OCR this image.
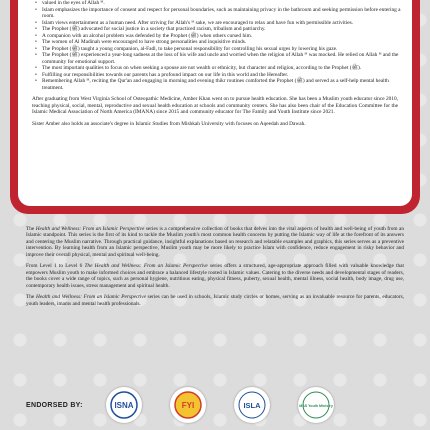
• valued in the eyes of Allah ᴹ.
• Islam emphasizes the importance of consent and respect for personal boundaries, such as maintaining privacy in the bathroom and seeking permission before entering a room.
• Islam views entertainment as a human need. After striving for Allah's ᴹ sake, we are encouraged to relax and have fun with permissible activities.
• The Prophet (ﷺ) advocated for social justice in a society that practiced racism, tribalism and patriarchy.
• A companion with an alcohol problem was defended by the Prophet (ﷺ) when others cursed him.
• The women of Al Madinah were encouraged to have strong personalities and inquisitive minds.
• The Prophet (ﷺ) taught a young companion, al-Fadl, to take personal responsibility for controlling his sexual urges by lowering his gaze.
• The Prophet (ﷺ) experienced a year-long sadness at the loss of his wife and uncle and worried when the religion of Allah ᴹ was mocked. He relied on Allah ᴹ and the community for emotional support.
• The most important qualities to focus on when seeking a spouse are not wealth or ethnicity, but character and religion, according to the Prophet (ﷺ).
• Fulfilling our responsibilities towards our parents has a profound impact on our life in this world and the Hereafter.
• Remembering Allah ᴹ, reciting the Qur'an and engaging in morning and evening thikr routines comforted the Prophet (ﷺ) and served as a self-help mental health treatment.

After graduating from West Virginia School of Osteopathic Medicine, Amber Khan went on to pursue health education. She has been a Muslim youth educator since 2010, teaching physical, social, mental, reproductive and sexual health education at schools and community centers. She has also been chair of the Education Committee for the Islamic Medical Association of North America (IMANA) since 2015 and community educator for The Family and Youth Institute since 2021.

Sister Amber also holds an associate's degree in Islamic Studies from Mishkah University with focuses on Aqeedah and Dawah.

The Health and Wellness: From an Islamic Perspective series is a comprehensive collection of books that delves into the vital aspects of health and well-being of youth from an Islamic standpoint. This series is the first of its kind to tackle the Muslim youth's most common health concerns by putting the Islamic way of life at the forefront of its answers and centering the Muslim narrative. Through practical guidance, insightful explanations based on research and relatable examples and graphics, this series serves as a preventive intervention. By learning health from an Islamic perspective, Muslim youth may be more likely to practice Islam with confidence, reduce engagement in risky behavior and improve their overall physical, mental and spiritual well-being.

From Level 1 to Level 6 The Health and Wellness: From an Islamic Perspective series offers a structured, age-appropriate approach filled with valuable knowledge that empowers Muslim youth to make informed choices and embrace a balanced lifestyle rooted in Islamic values. Catering to the diverse needs and developmental stages of readers, the books cover a wide range of topics, such as personal hygiene, nutritious eating, physical fitness, puberty, sexual health, mental illness, social health, body image, drug use, contemporary health issues, stress management and spiritual health.

The Health and Wellness: From an Islamic Perspective series can be used in schools, Islamic study circles or homes, serving as an invaluable resource for parents, educators, youth leaders, imams and mental health professionals.

ENDORSED BY:	ISNA	FYI	ISLA	MAS Youth Ministry
